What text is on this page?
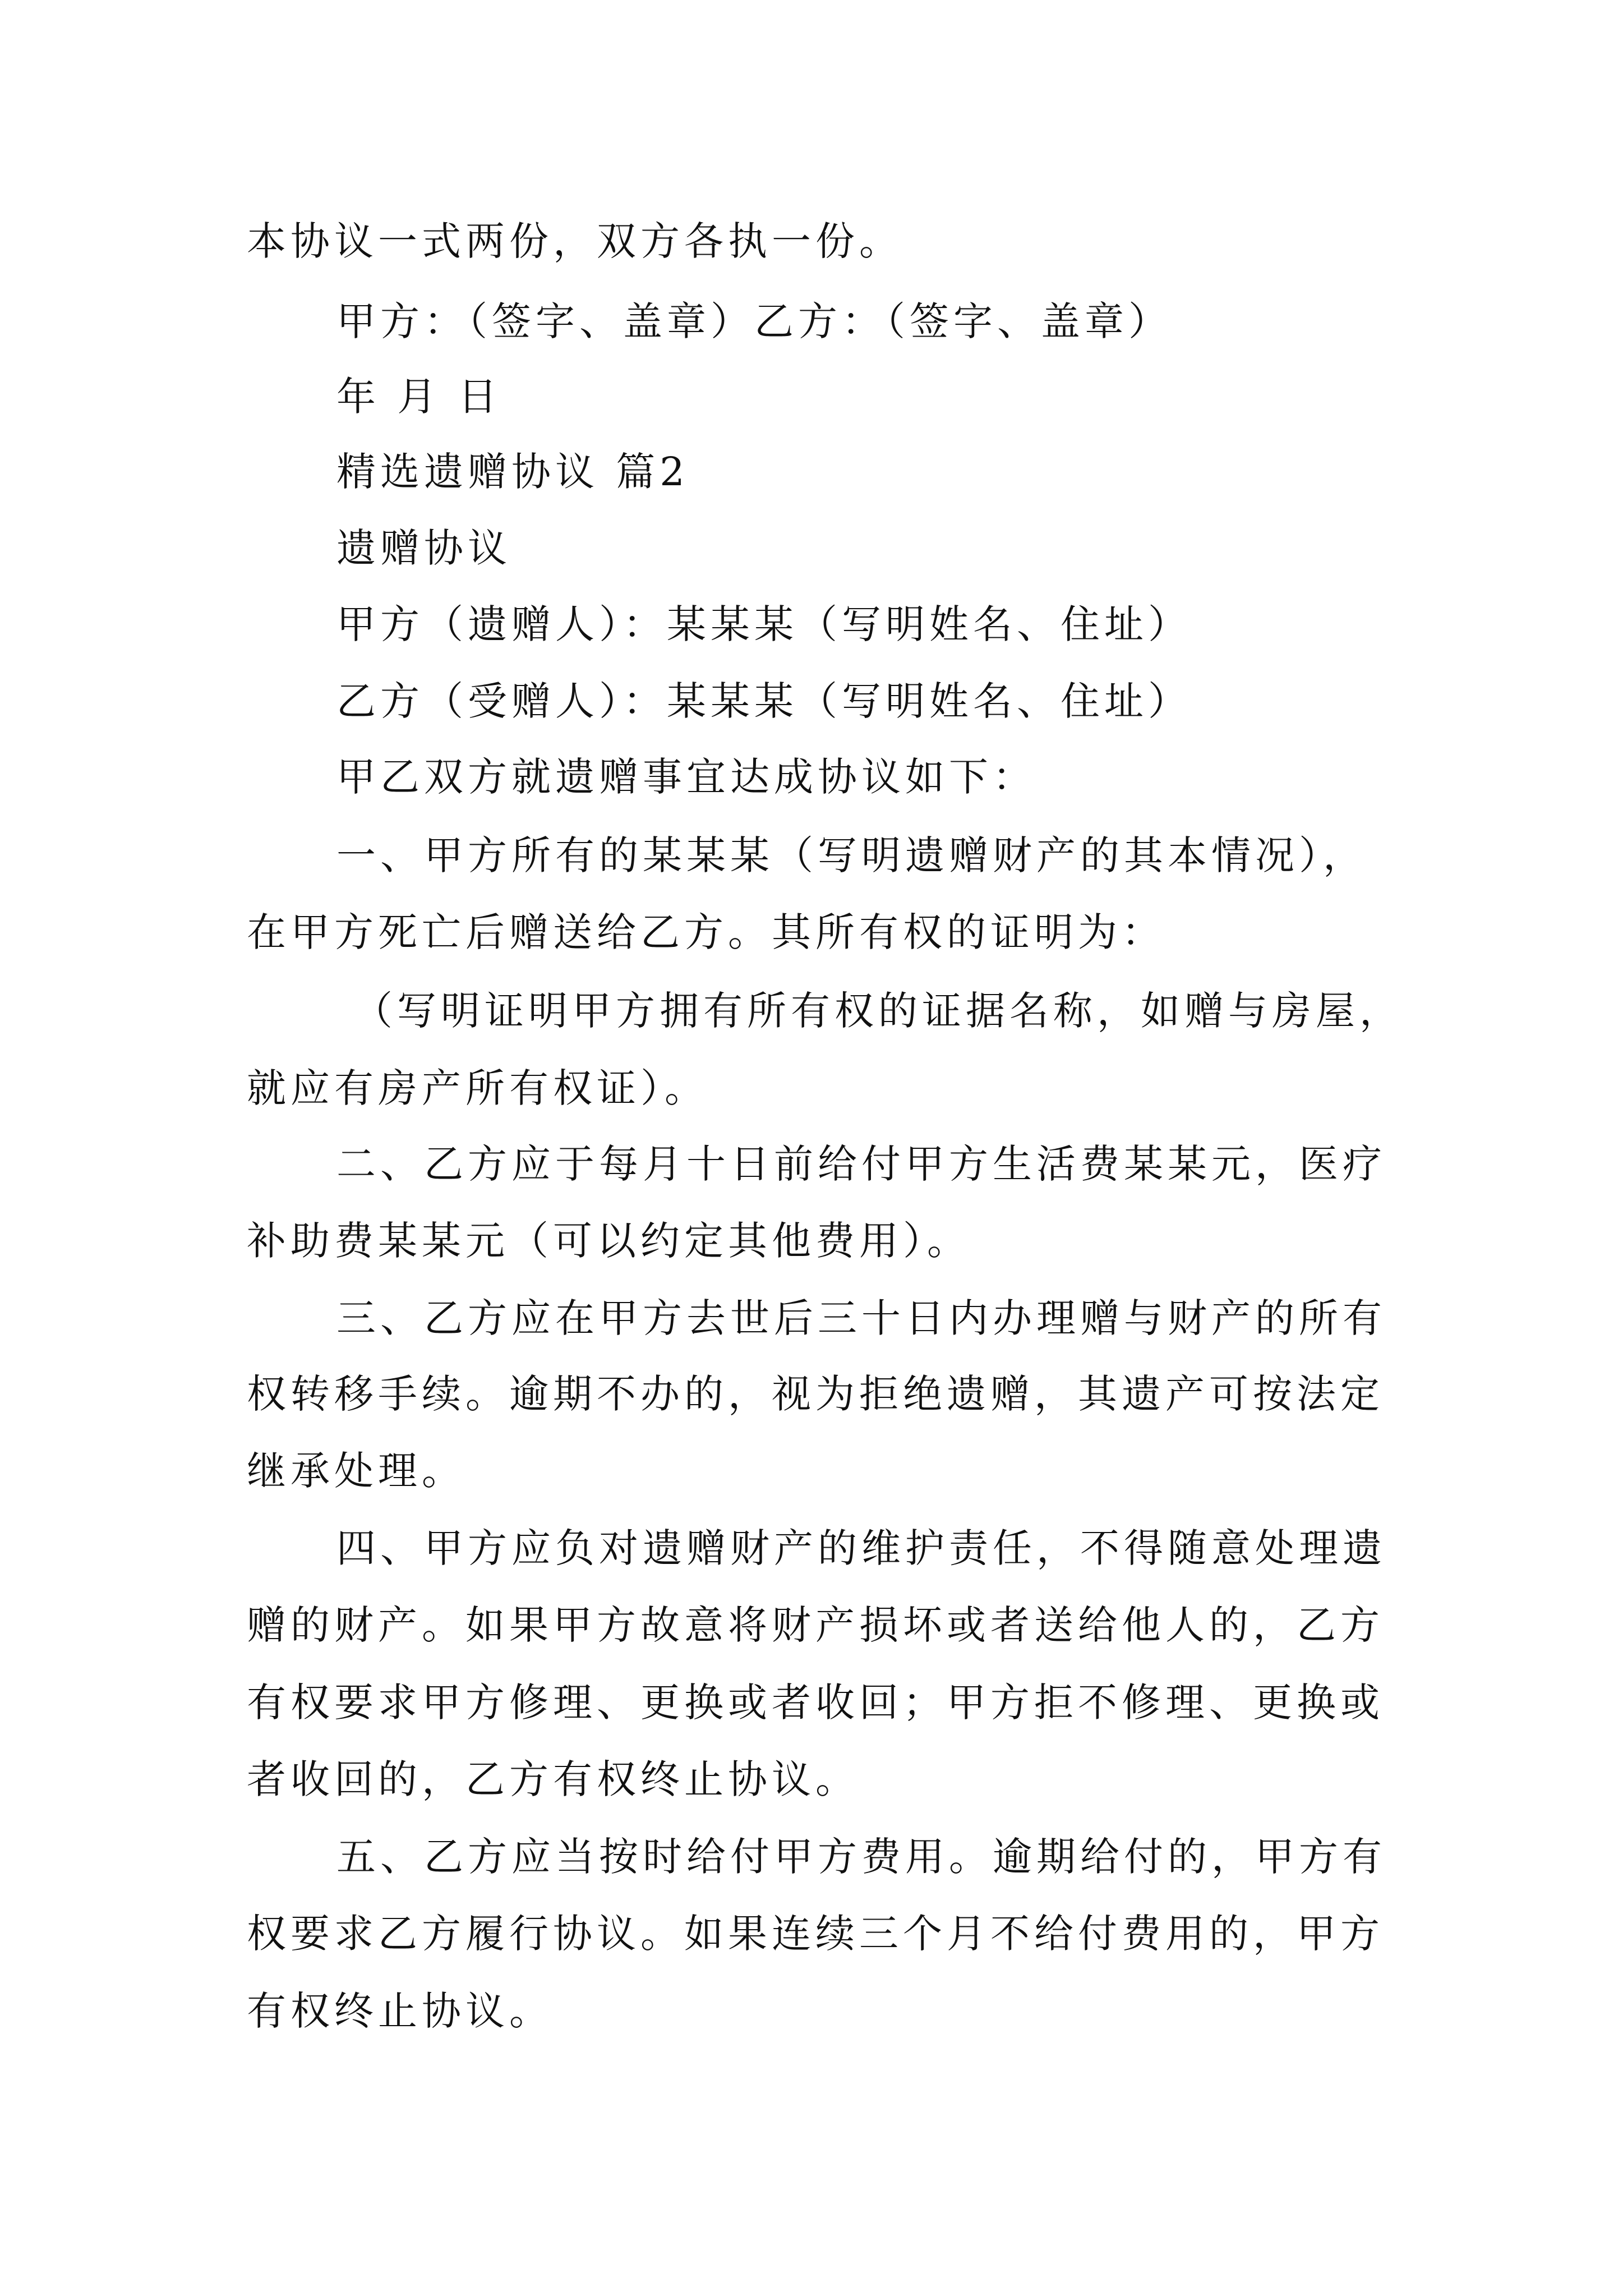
本协议一式两份，双方各执一份。

甲方：（签字、盖章）乙方：（签字、盖章）

年 月 日

精选遗赠协议 篇2

遗赠协议

甲方（遗赠人）：某某某（写明姓名、住址）

乙方（受赠人）：某某某（写明姓名、住址）

甲乙双方就遗赠事宜达成协议如下：

一、甲方所有的某某某（写明遗赠财产的其本情况），

在甲方死亡后赠送给乙方。其所有权的证明为：

（写明证明甲方拥有所有权的证据名称，如赠与房屋，

就应有房产所有权证）。

二、乙方应于每月十日前给付甲方生活费某某元，医疗

补助费某某元（可以约定其他费用）。

三、乙方应在甲方去世后三十日内办理赠与财产的所有

权转移手续。逾期不办的，视为拒绝遗赠，其遗产可按法定

继承处理。

四、甲方应负对遗赠财产的维护责任，不得随意处理遗

赠的财产。如果甲方故意将财产损坏或者送给他人的，乙方

有权要求甲方修理、更换或者收回；甲方拒不修理、更换或

者收回的，乙方有权终止协议。

五、乙方应当按时给付甲方费用。逾期给付的，甲方有

权要求乙方履行协议。如果连续三个月不给付费用的，甲方

有权终止协议。
